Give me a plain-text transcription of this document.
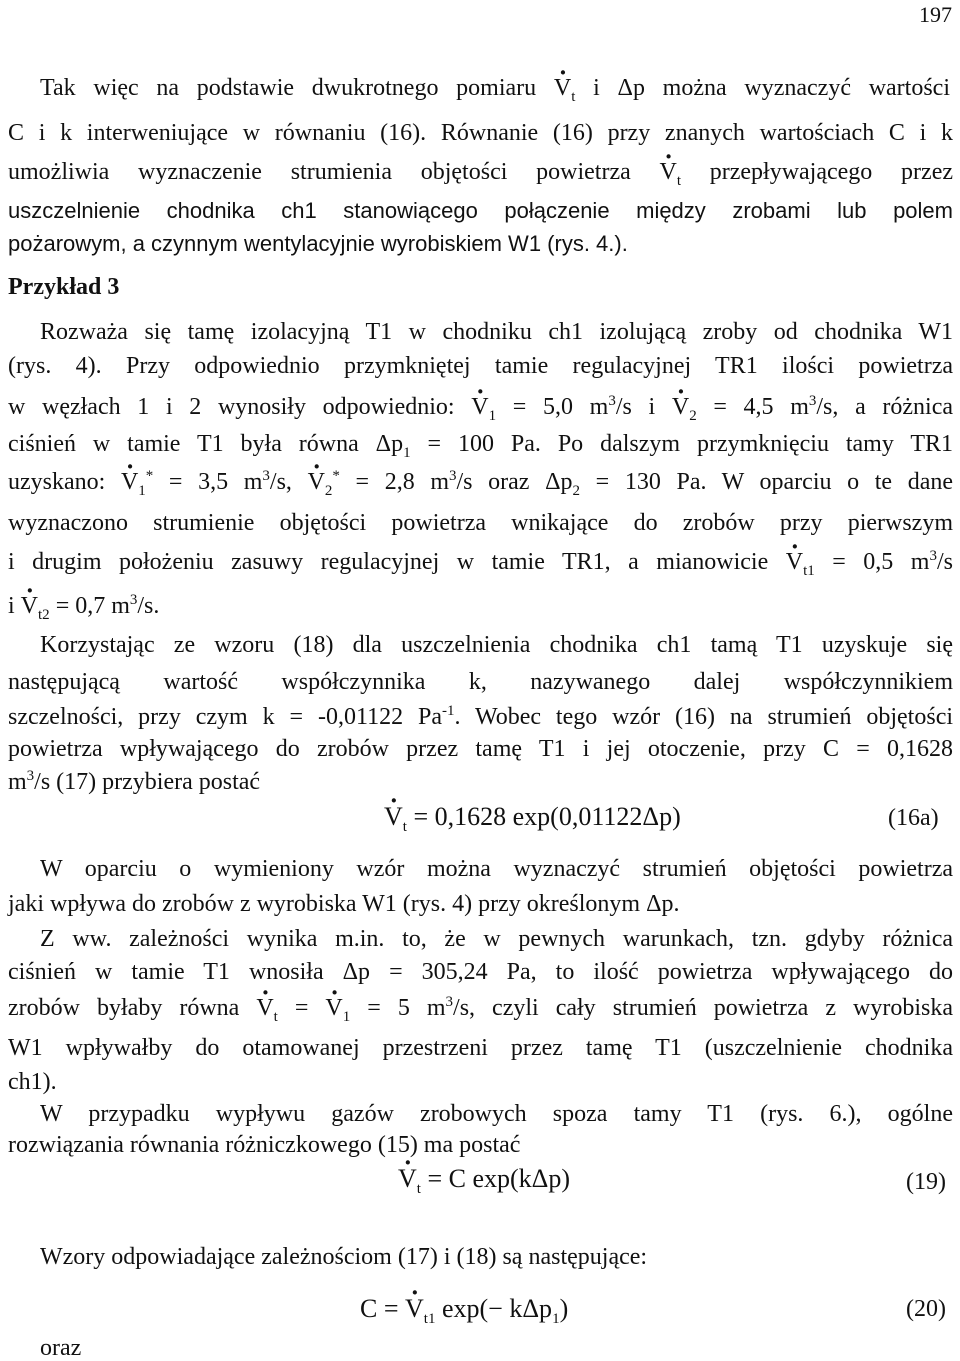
197
Tak więc na podstawie dwukrotnego pomiaru · $V_t$ i Δp można wyznaczyć wartości
C i k interweniujące w równaniu (16). Równanie (16) przy znanych wartościach C i k
umożliwia wyznaczenie strumienia objętości powietrza · $V_t$ przepływającego przez
uszczelnienie chodnika ch1 stanowiącego połączenie między zrobami lub polem
pożarowym, a czynnym wentylacyjnie wyrobiskiem W1 (rys. 4.).
Przykład 3
Rozważa się tamę izolacyjną T1 w chodniku ch1 izolującą zroby od chodnika W1
(rys. 4). Przy odpowiednio przymkniętej tamie regulacyjnej TR1 ilości powietrza
w węzłach 1 i 2 wynosiły odpowiednio: · $V_1 = 5,0$ $m^3/s$ $i \cdot V_2 = 4,5$ $m^3/s$, a różnica
ciśnień w tamie T1 była równa $\Delta p_1 = 100$ Pa. Po dalszym przymknięciu tamy TR1
uzyskano: · $V_1^* = 3,5$ $m^3/s$, · $V_2^* = 2,8$ $m^3/s$ oraz $\Delta p_2 = 130$ Pa. W oparciu o te dane
wyznaczono strumienie objętości powietrza wnikające do zrobów przy pierwszym
i drugim położeniu zasuwy regulacyjnej w tamie TR1, a mianowicie · $V_{t1} = 0,5$ $m^3/s$
$i \cdot V_{t2} = 0,7$ $m^3/s$.
Korzystając ze wzoru (18) dla uszczelnienia chodnika ch1 tamą T1 uzyskuje się
następującą wartość współczynnika k, nazywanego dalej współczynnikiem
szczelności, przy czym k = -0,01122 $Pa^{-1}$. Wobec tego wzór (16) na strumień objętości
powietrza wpływającego do zrobów przez tamę T1 i jej otoczenie, przy C = 0,1628
$m^3/s$ (17) przybiera postać
· $V_t = 0,1628$ exp(0,01122Δp)	(16a)
W oparciu o wymieniony wzór można wyznaczyć strumień objętości powietrza
jaki wpływa do zrobów z wyrobiska W1 (rys. 4) przy określonym Δp.
Z ww. zależności wynika m.in. to, że w pewnych warunkach, tzn. gdyby różnica
ciśnień w tamie T1 wnosiła Δp = 305,24 Pa, to ilość powietrza wpływającego do
zrobów byłaby równa · $V_t$ = · $V_1 = 5$ $m^3/s$, czyli cały strumień powietrza z wyrobiska
W1 wpływałby do otamowanej przestrzeni przez tamę T1 (uszczelnienie chodnika
ch1).
W przypadku wypływu gazów zrobowych spoza tamy T1 (rys. 6.), ogólne
rozwiązania równania różniczkowego (15) ma postać
· $V_t = C$ exp(kΔp)	(19)
Wzory odpowiadające zależnościom (17) i (18) są następujące:
C = · $V_{t1}$ exp(− kΔp$_1$)	(20)
oraz
